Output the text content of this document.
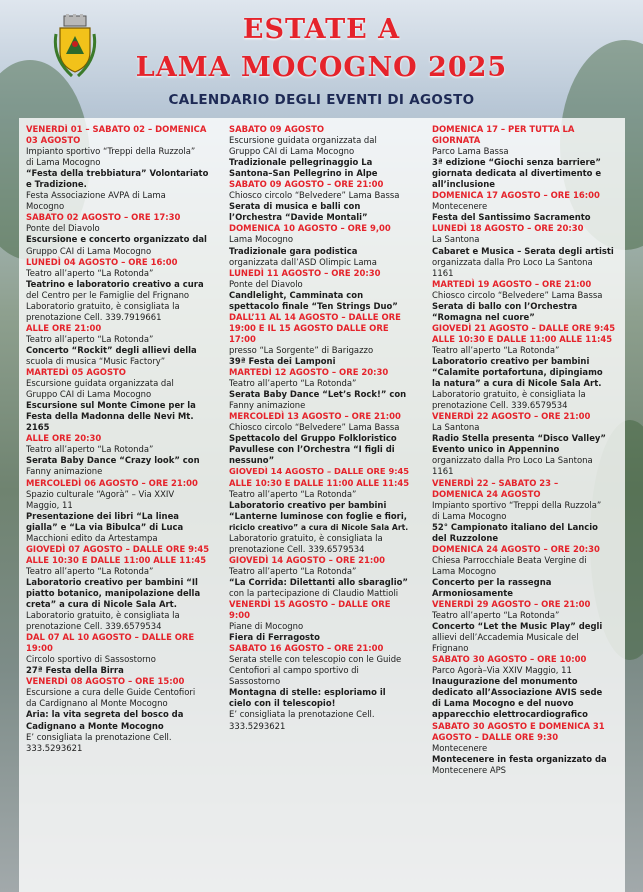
ESTATE A
LAMA MOCOGNO 2025
CALENDARIO DEGLI EVENTI DI AGOSTO
VENERDÌ 01 – SABATO 02 – DOMENICA
03 AGOSTO
Impianto sportivo “Treppi della Ruzzola”
di Lama Mocogno
“Festa della trebbiatura” Volontariato
e Tradizione.
Festa Associazione AVPA di Lama
Mocogno
SABATO 02 AGOSTO – ORE 17:30
Ponte del Diavolo
Escursione e concerto organizzato dal
Gruppo CAI di Lama Mocogno
LUNEDÌ 04 AGOSTO – ORE 16:00
Teatro all’aperto “La Rotonda”
Teatrino e laboratorio creativo a cura
del Centro per le Famiglie del Frignano
Laboratorio gratuito, è consigliata la
prenotazione Cell. 339.7919661
ALLE ORE 21:00
Teatro all’aperto “La Rotonda”
Concerto “Rockit” degli allievi della
scuola di musica “Music Factory”
MARTEDÌ 05 AGOSTO
Escursione guidata organizzata dal
Gruppo CAI di Lama Mocogno
Escursione sul Monte Cimone per la
Festa della Madonna delle Nevi Mt.
2165
ALLE ORE 20:30
Teatro all’aperto “La Rotonda”
Serata Baby Dance “Crazy look” con
Fanny animazione
MERCOLEDÌ 06 AGOSTO – ORE 21:00
Spazio culturale “Agorà” – Via XXIV
Maggio, 11
Presentazione dei libri “La linea
gialla” e “La via Bibulca” di Luca
Macchioni edito da Artestampa
GIOVEDÌ 07 AGOSTO – DALLE ORE 9:45
ALLE 10:30 E DALLE 11:00 ALLE 11:45
Teatro all’aperto “La Rotonda”
Laboratorio creativo per bambini “Il
piatto botanico, manipolazione della
creta” a cura di Nicole Sala Art.
Laboratorio gratuito, è consigliata la
prenotazione Cell. 339.6579534
DAL 07 AL 10 AGOSTO – DALLE ORE
19:00
Circolo sportivo di Sassostorno
27ª Festa della Birra
VENERDÌ 08 AGOSTO – ORE 15:00
Escursione a cura delle Guide Centofiori
da Cardignano al Monte Mocogno
Aria: la vita segreta del bosco da
Cadignano a Monte Mocogno
E’ consigliata la prenotazione Cell.
333.5293621
SABATO 09 AGOSTO
Escursione guidata organizzata dal
Gruppo CAI di Lama Mocogno
Tradizionale pellegrinaggio La
Santona–San Pellegrino in Alpe
SABATO 09 AGOSTO – ORE 21:00
Chiosco circolo “Belvedere” Lama Bassa
Serata di musica e balli con
l’Orchestra “Davide Montali”
DOMENICA 10 AGOSTO – ORE 9,00
Lama Mocogno
Tradizionale gara podistica
organizzata dall’ASD Olimpic Lama
LUNEDÌ 11 AGOSTO – ORE 20:30
Ponte del Diavolo
Candlelight, Camminata con
spettacolo finale “Ten Strings Duo”
DALL’11 AL 14 AGOSTO – DALLE ORE
19:00 E IL 15 AGOSTO DALLE ORE
17:00
presso “La Sorgente” di Barigazzo
39ª Festa dei Lamponi
MARTEDÌ 12 AGOSTO – ORE 20:30
Teatro all’aperto “La Rotonda”
Serata Baby Dance “Let’s Rock!” con
Fanny animazione
MERCOLEDÌ 13 AGOSTO – ORE 21:00
Chiosco circolo “Belvedere” Lama Bassa
Spettacolo del Gruppo Folkloristico
Pavullese con l’Orchestra “I figli di
nessuno”
GIOVEDÌ 14 AGOSTO – DALLE ORE 9:45
ALLE 10:30 E DALLE 11:00 ALLE 11:45
Teatro all’aperto “La Rotonda”
Laboratorio creativo per bambini
“Lanterne luminose con foglie e fiori,
riciclo creativo” a cura di Nicole Sala Art.
Laboratorio gratuito, è consigliata la
prenotazione Cell. 339.6579534
GIOVEDÌ 14 AGOSTO – ORE 21:00
Teatro all’aperto “La Rotonda”
“La Corrida: Dilettanti allo sbaraglio”
con la partecipazione di Claudio Mattioli
VENERDÌ 15 AGOSTO – DALLE ORE
9:00
Piane di Mocogno
Fiera di Ferragosto
SABATO 16 AGOSTO – ORE 21:00
Serata stelle con telescopio con le Guide
Centofiori al campo sportivo di
Sassostorno
Montagna di stelle: esploriamo il
cielo con il telescopio!
E’ consigliata la prenotazione Cell.
333.5293621
DOMENICA 17 – PER TUTTA LA
GIORNATA
Parco Lama Bassa
3ª edizione “Giochi senza barriere”
giornata dedicata al divertimento e
all’inclusione
DOMENICA 17 AGOSTO – ORE 16:00
Montecenere
Festa del Santissimo Sacramento
LUNEDÌ 18 AGOSTO – ORE 20:30
La Santona
Cabaret e Musica – Serata degli artisti
organizzata dalla Pro Loco La Santona
1161
MARTEDÌ 19 AGOSTO – ORE 21:00
Chiosco circolo “Belvedere” Lama Bassa
Serata di ballo con l’Orchestra
“Romagna nel cuore”
GIOVEDÌ 21 AGOSTO – DALLE ORE 9:45
ALLE 10:30 E DALLE 11:00 ALLE 11:45
Teatro all’aperto “La Rotonda”
Laboratorio creativo per bambini
“Calamite portafortuna, dipingiamo
la natura” a cura di Nicole Sala Art.
Laboratorio gratuito, è consigliata la
prenotazione Cell. 339.6579534
VENERDÌ 22 AGOSTO – ORE 21:00
La Santona
Radio Stella presenta “Disco Valley”
Evento unico in Appennino
organizzato dalla Pro Loco La Santona
1161
VENERDÌ 22 – SABATO 23 –
DOMENICA 24 AGOSTO
Impianto sportivo “Treppi della Ruzzola”
di Lama Mocogno
52° Campionato italiano del Lancio
del Ruzzolone
DOMENICA 24 AGOSTO – ORE 20:30
Chiesa Parrocchiale Beata Vergine di
Lama Mocogno
Concerto per la rassegna
Armoniosamente
VENERDÌ 29 AGOSTO – ORE 21:00
Teatro all’aperto “La Rotonda”
Concerto “Let the Music Play” degli
allievi dell’Accademia Musicale del
Frignano
SABATO 30 AGOSTO – ORE 10:00
Parco Agorà–Via XXIV Maggio, 11
Inaugurazione del monumento
dedicato all’Associazione AVIS sede
di Lama Mocogno e del nuovo
apparecchio elettrocardiografico
SABATO 30 AGOSTO E DOMENICA 31
AGOSTO – DALLE ORE 9:30
Montecenere
Montecenere in festa organizzato da
Montecenere APS
